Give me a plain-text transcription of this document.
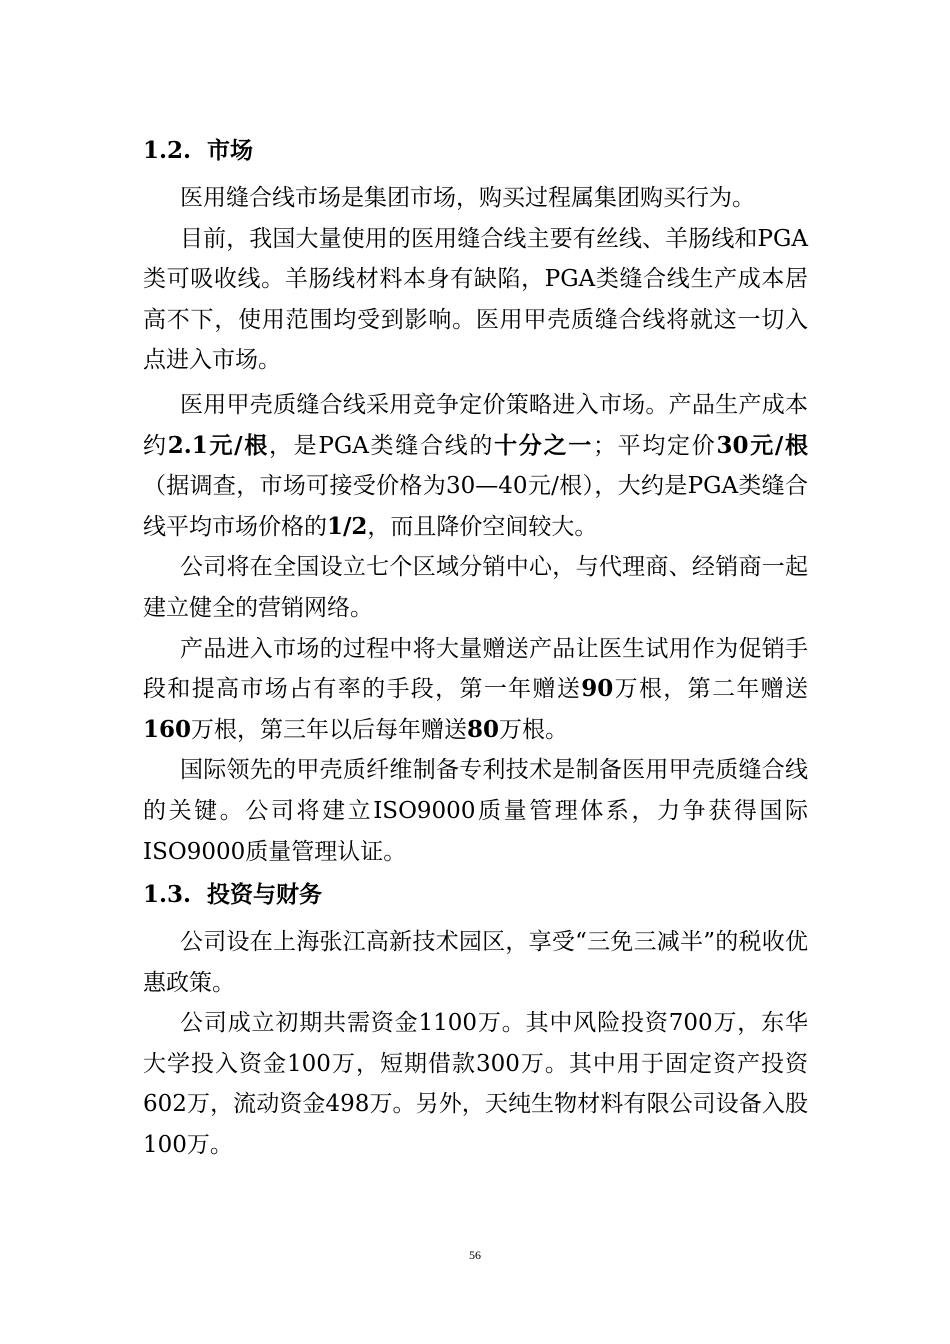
1.2. 市场

医用缝合线市场是集团市场，购买过程属集团购买行为。

目前，我国大量使用的医用缝合线主要有丝线、羊肠线和PGA类可吸收线。羊肠线材料本身有缺陷，PGA类缝合线生产成本居高不下，使用范围均受到影响。医用甲壳质缝合线将就这一切入点进入市场。

医用甲壳质缝合线采用竞争定价策略进入市场。产品生产成本约2.1元/根，是PGA类缝合线的十分之一；平均定价30元/根（据调查，市场可接受价格为30—40元/根），大约是PGA类缝合线平均市场价格的1/2，而且降价空间较大。

公司将在全国设立七个区域分销中心，与代理商、经销商一起建立健全的营销网络。

产品进入市场的过程中将大量赠送产品让医生试用作为促销手段和提高市场占有率的手段，第一年赠送90万根，第二年赠送160万根，第三年以后每年赠送80万根。

国际领先的甲壳质纤维制备专利技术是制备医用甲壳质缝合线的关键。公司将建立ISO9000质量管理体系，力争获得国际ISO9000质量管理认证。

1.3. 投资与财务

公司设在上海张江高新技术园区，享受“三免三减半”的税收优惠政策。

公司成立初期共需资金1100万。其中风险投资700万，东华大学投入资金100万，短期借款300万。其中用于固定资产投资602万，流动资金498万。另外，天纯生物材料有限公司设备入股100万。

56
